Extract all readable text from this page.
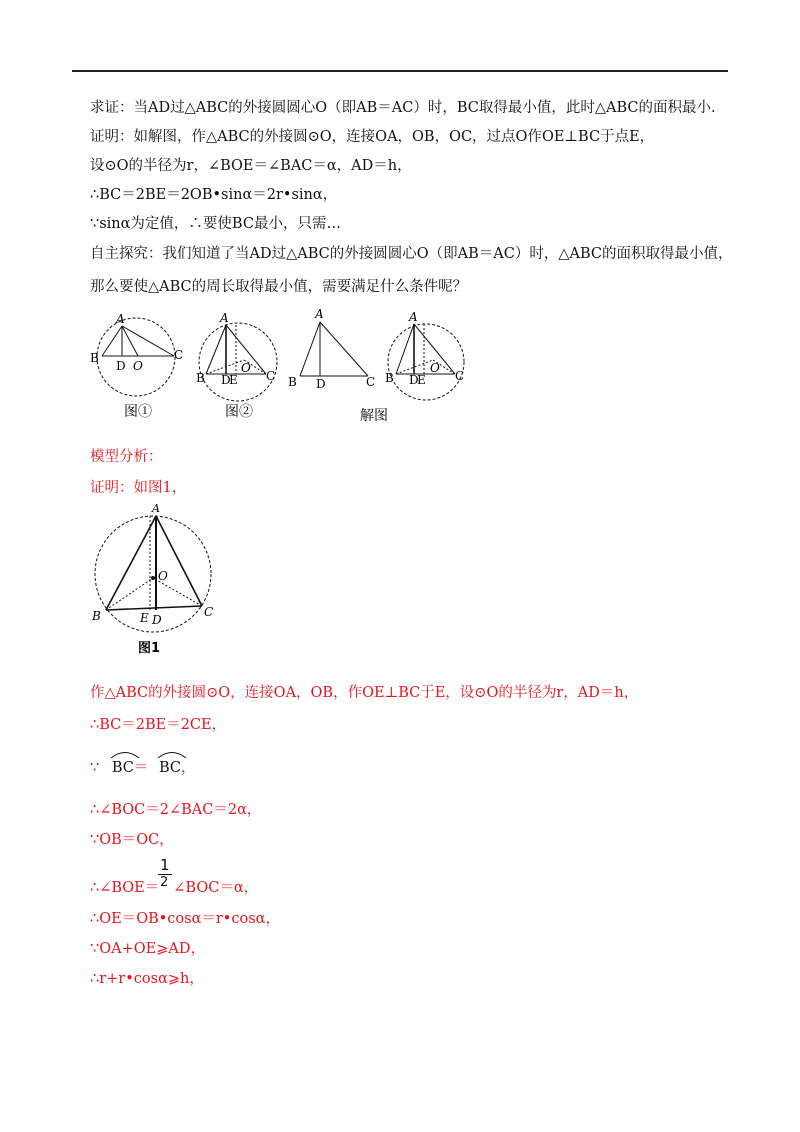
求证：当AD过△ABC的外接圆圆心O（即AB＝AC）时，BC取得最小值，此时△ABC的面积最小.
证明：如解图，作△ABC的外接圆⊙O，连接OA，OB，OC，过点O作OE⊥BC于点E，
设⊙O的半径为r，∠BOE＝∠BAC＝α，AD＝h，
∴BC＝2BE＝2OB•sinα＝2r•sinα，
∵sinα为定值，∴要使BC最小，只需…
自主探究：我们知道了当AD过△ABC的外接圆圆心O（即AB＝AC）时，△ABC的面积取得最小值，
那么要使△ABC的周长取得最小值，需要满足什么条件呢？
A
B	C
D O
A
B	C
D
E
O
A
B	C
D
A
B	C
D
E
O
图①	图②	解图
模型分析：
证明：如图1，
A
O
B	C
E D
图1
作△ABC的外接圆⊙O，连接OA，OB，作OE⊥BC于E，设⊙O的半径为r，AD＝h，
∴BC＝2BE＝2CE，
∵ BC＝ BC，
∴∠BOC＝2∠BAC＝2α，
∵OB＝OC，
1
2
∴∠BOE＝ ∠BOC＝α，
∴OE＝OB•cosα＝r•cosα，
∵OA+OE⩾AD，
∴r+r•cosα⩾h，
